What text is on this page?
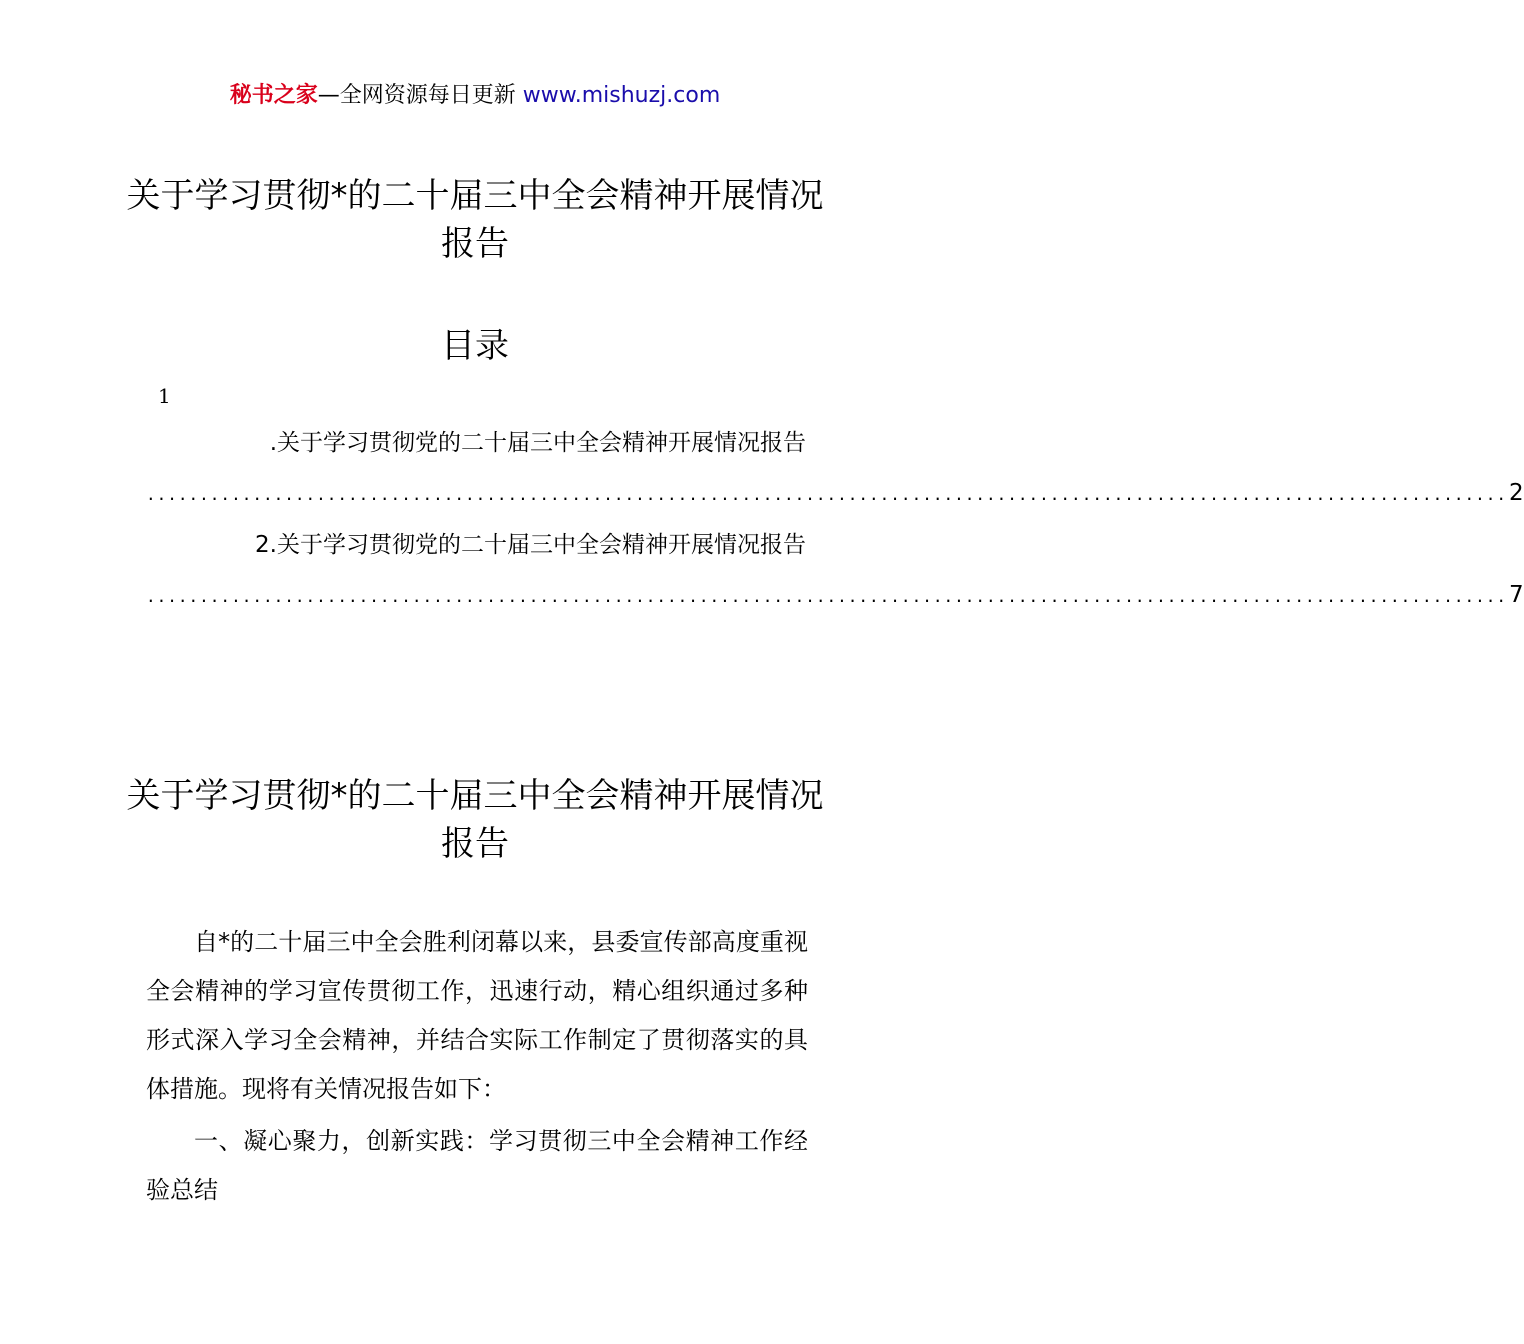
秘书之家—全网资源每日更新 www.mishuzj.com
关于学习贯彻*的二十届三中全会精神开展情况报告
目录
1
.关于学习贯彻党的二十届三中全会精神开展情况报告
................................................................................................................................ 2
2.关于学习贯彻党的二十届三中全会精神开展情况报告
................................................................................................................................ 7
关于学习贯彻*的二十届三中全会精神开展情况报告

自*的二十届三中全会胜利闭幕以来，县委宣传部高度重视全会精神的学习宣传贯彻工作，迅速行动，精心组织通过多种形式深入学习全会精神，并结合实际工作制定了贯彻落实的具体措施。现将有关情况报告如下：

一、凝心聚力，创新实践：学习贯彻三中全会精神工作经验总结
